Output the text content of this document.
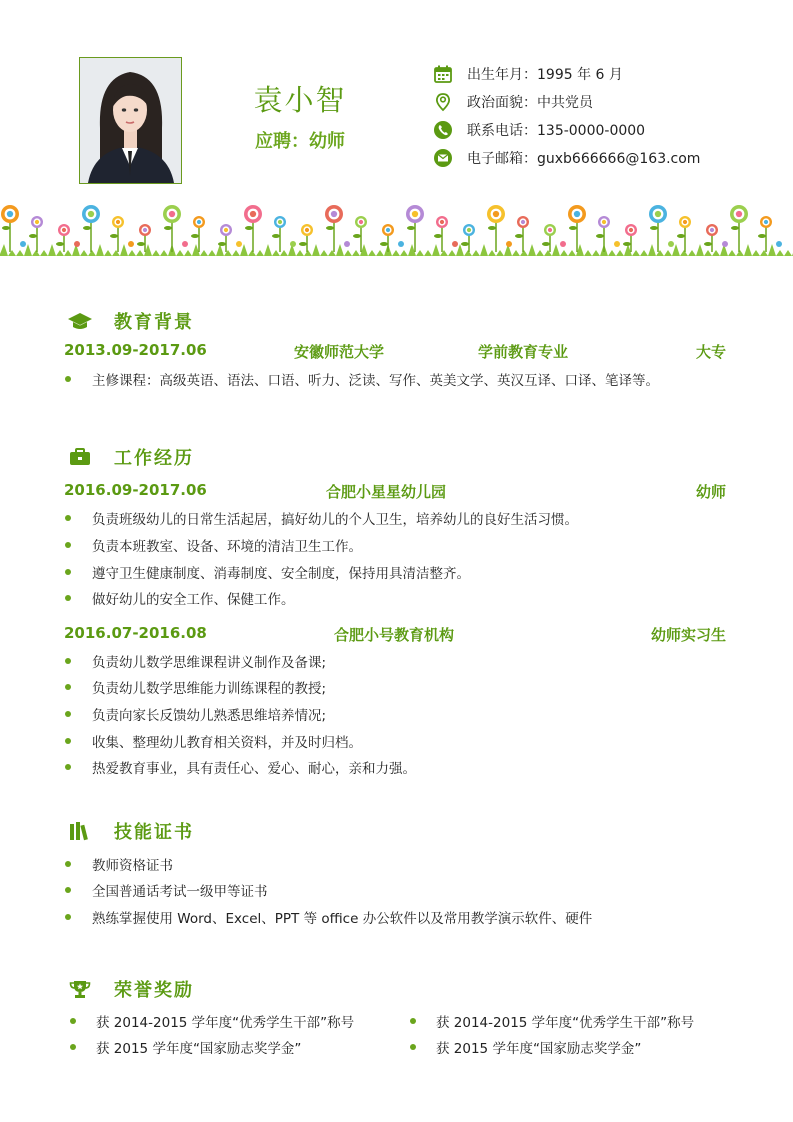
袁小智
应聘：幼师
出生年月：1995 年 6 月
政治面貌：中共党员
联系电话：135-0000-0000
电子邮箱：guxb666666@163.com
教育背景
2013.09-2017.06	安徽师范大学	学前教育专业	大专
主修课程：高级英语、语法、口语、听力、泛读、写作、英美文学、英汉互译、口译、笔译等。
工作经历
2016.09-2017.06	合肥小星星幼儿园	幼师
负责班级幼儿的日常生活起居，搞好幼儿的个人卫生，培养幼儿的良好生活习惯。
负责本班教室、设备、环境的清洁卫生工作。
遵守卫生健康制度、消毒制度、安全制度，保持用具清洁整齐。
做好幼儿的安全工作、保健工作。
2016.07-2016.08	合肥小号教育机构	幼师实习生
负责幼儿数学思维课程讲义制作及备课;
负责幼儿数学思维能力训练课程的教授;
负责向家长反馈幼儿熟悉思维培养情况;
收集、整理幼儿教育相关资料，并及时归档。
热爱教育事业，具有责任心、爱心、耐心，亲和力强。
技能证书
教师资格证书
全国普通话考试一级甲等证书
熟练掌握使用 Word、Excel、PPT 等 office 办公软件以及常用教学演示软件、硬件
荣誉奖励
获 2014-2015 学年度“优秀学生干部”称号	获 2014-2015 学年度“优秀学生干部”称号
获 2015 学年度“国家励志奖学金”	获 2015 学年度“国家励志奖学金”
